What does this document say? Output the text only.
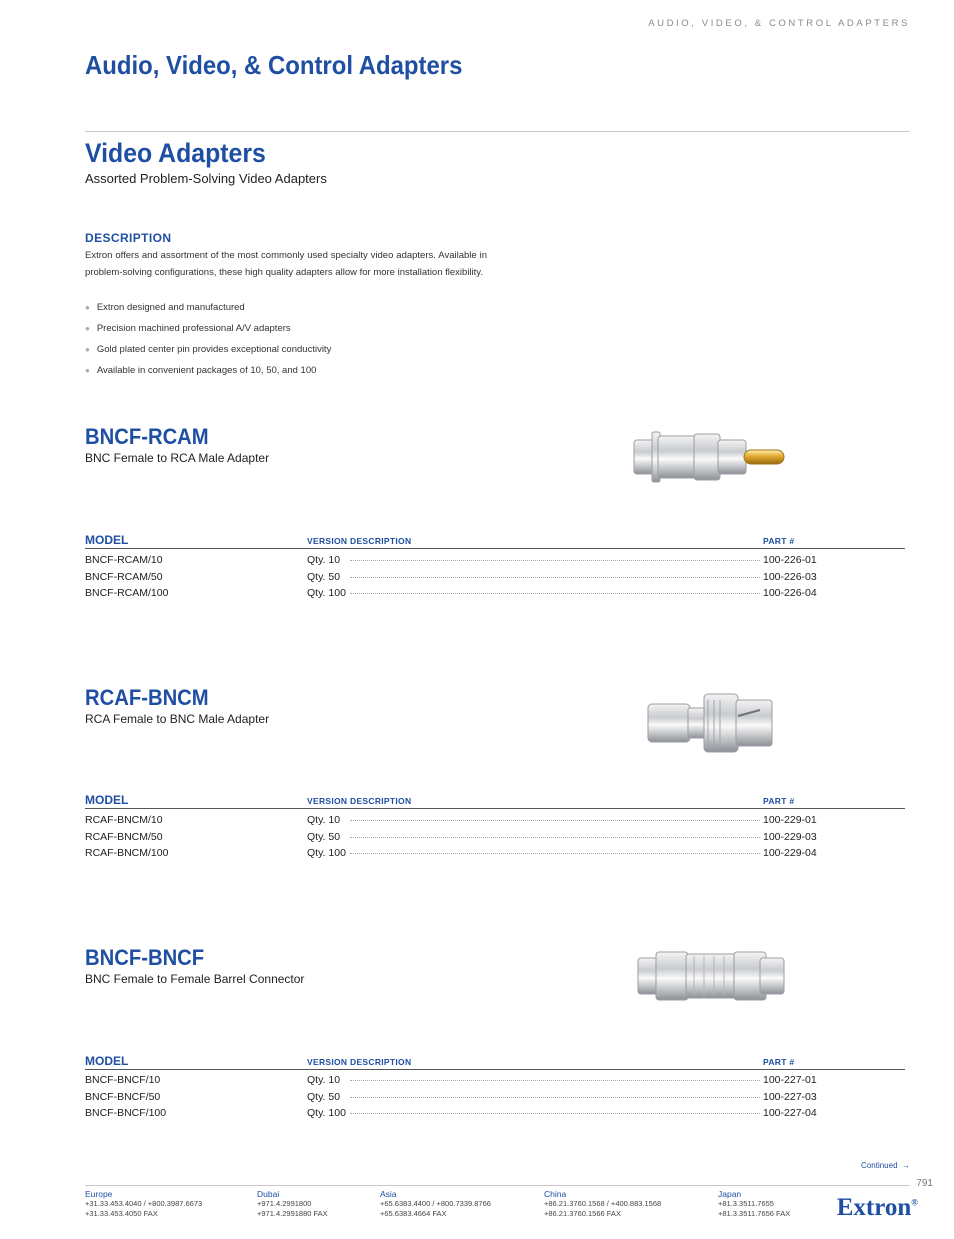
AUDIO, VIDEO, & CONTROL ADAPTERS
Audio, Video, & Control Adapters
Video Adapters
Assorted Problem-Solving Video Adapters
DESCRIPTION
Extron offers and assortment of the most commonly used specialty video adapters. Available in problem-solving configurations, these high quality adapters allow for more installation flexibility.
● Extron designed and manufactured
● Precision machined professional A/V adapters
● Gold plated center pin provides exceptional conductivity
● Available in convenient packages of 10, 50, and 100
BNCF-RCAM
BNC Female to RCA Male Adapter
MODEL	VERSION DESCRIPTION	PART #
BNCF-RCAM/10	Qty. 10	100-226-01
BNCF-RCAM/50	Qty. 50	100-226-03
BNCF-RCAM/100	Qty. 100	100-226-04
RCAF-BNCM
RCA Female to BNC Male Adapter
MODEL	VERSION DESCRIPTION	PART #
RCAF-BNCM/10	Qty. 10	100-229-01
RCAF-BNCM/50	Qty. 50	100-229-03
RCAF-BNCM/100	Qty. 100	100-229-04
BNCF-BNCF
BNC Female to Female Barrel Connector
MODEL	VERSION DESCRIPTION	PART #
BNCF-BNCF/10	Qty. 10	100-227-01
BNCF-BNCF/50	Qty. 50	100-227-03
BNCF-BNCF/100	Qty. 100	100-227-04
Continued  →
791
Europe
+31.33.453.4040 / +800.3987.6673
+31.33.453.4050 FAX
Dubai
+971.4.2991800
+971.4.2991880 FAX
Asia
+65.6383.4400 / +800.7339.8766
+65.6383.4664 FAX
China
+86.21.3760.1568 / +400.883.1568
+86.21.3760.1566 FAX
Japan
+81.3.3511.7655
+81.3.3511.7656 FAX Extron®
